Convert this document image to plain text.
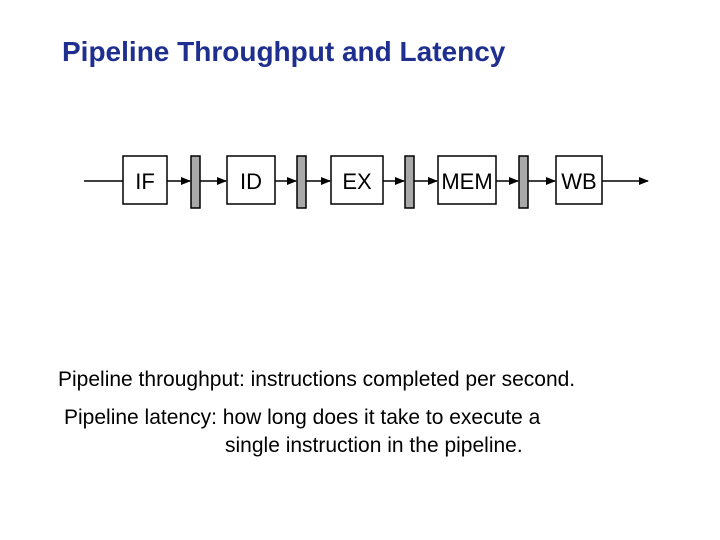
Pipeline Throughput and Latency
IF	ID	EX	MEM	WB

Pipeline throughput: instructions completed per second.

Pipeline latency: how long does it take to execute a

single instruction in the pipeline.
